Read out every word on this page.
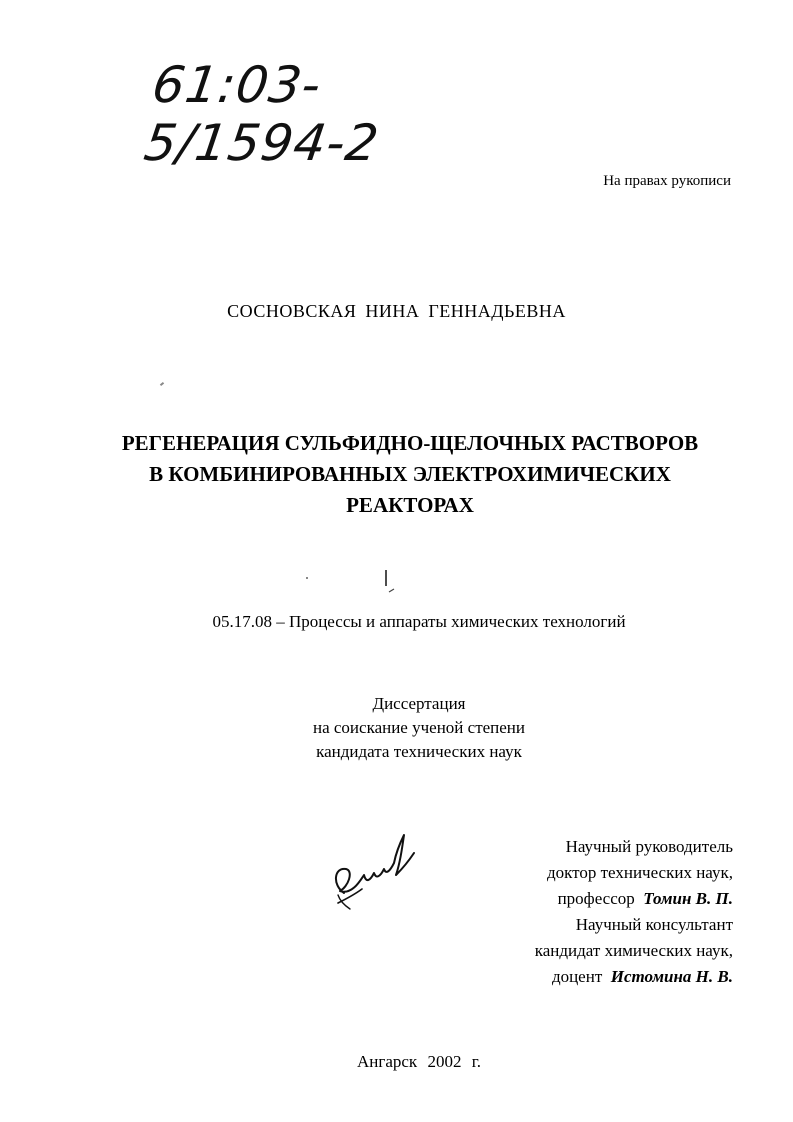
61:03-5/1594-2
На правах рукописи
СОСНОВСКАЯ НИНА ГЕННАДЬЕВНА
РЕГЕНЕРАЦИЯ СУЛЬФИДНО-ЩЕЛОЧНЫХ РАСТВОРОВ
В КОМБИНИРОВАННЫХ ЭЛЕКТРОХИМИЧЕСКИХ
РЕАКТОРАХ
05.17.08 – Процессы и аппараты химических технологий
Диссертация
на соискание ученой степени
кандидата технических наук
Научный руководитель
доктор технических наук,
профессор Томин В. П.
Научный консультант
кандидат химических наук,
доцент Истомина Н. В.
Ангарск 2002 г.
